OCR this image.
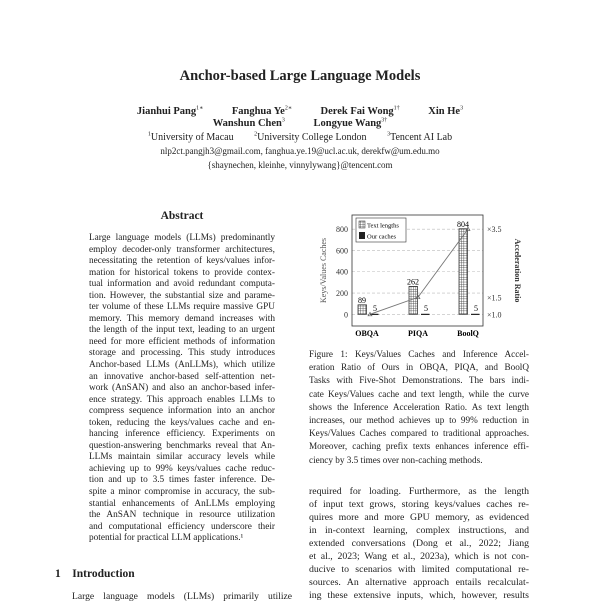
Anchor-based Large Language Models
Jianhui Pang$^{1∗}$	Fanghua $Ye^{2∗}$	Derek Fai Wong$^{1\dagger}$	Xin He$^3$
Wanshun Chen$^3$	Longyue Wang$^{3\dagger}$
$^1$University of Macau	$^2$University College London	$^3$Tencent AI Lab
nlp2ct.pangjh3@gmail.com, fanghua.ye.19@ucl.ac.uk, derekfw@um.edu.mo
{shaynechen, kleinhe, vinnylywang}@tencent.com
Abstract
Large language models (LLMs) predominantly
employ decoder-only transformer architectures,
necessitating the retention of keys/values infor-
mation for historical tokens to provide contex-
tual information and avoid redundant computa-
tion. However, the substantial size and parame-
ter volume of these LLMs require massive GPU
memory. This memory demand increases with
the length of the input text, leading to an urgent
need for more efficient methods of information
storage and processing. This study introduces
Anchor-based LLMs (AnLLMs), which utilize
an innovative anchor-based self-attention net-
work (AnSAN) and also an anchor-based infer-
ence strategy. This approach enables LLMs to
compress sequence information into an anchor
token, reducing the keys/values cache and en-
hancing inference efficiency. Experiments on
question-answering benchmarks reveal that An-
LLMs maintain similar accuracy levels while
achieving up to 99% keys/values cache reduc-
tion and up to 3.5 times faster inference. De-
spite a minor compromise in accuracy, the sub-
stantial enhancements of AnLLMs employing
the AnSAN technique in resource utilization
and computational efficiency underscore their
potential for practical LLM applications.¹
1 Introduction
Large language models (LLMs) primarily utilize
0
200
400
600
800
×1.0
×1.5
×3.5
89
5
OBQA
262
5
PIQA
804
5
BoolQ
Text lengths
Our caches
Keys/Values Caches	Acceleration Ratio
Figure 1: Keys/Values Caches and Inference Accel-
eration Ratio of Ours in OBQA, PIQA, and BoolQ
Tasks with Five-Shot Demonstrations. The bars indi-
cate Keys/Values cache and text length, while the curve
shows the Inference Acceleration Ratio. As text length
increases, our method achieves up to 99% reduction in
Keys/Values Caches compared to traditional approaches.
Moreover, caching prefix texts enhances inference effi-
ciency by 3.5 times over non-caching methods.
required for loading. Furthermore, as the length
of input text grows, storing keys/values caches re-
quires more and more GPU memory, as evidenced
in in-context learning, complex instructions, and
extended conversations (Dong et al., 2022; Jiang
et al., 2023; Wang et al., 2023a), which is not con-
ducive to scenarios with limited computational re-
sources. An alternative approach entails recalculat-
ing these extensive inputs, which, however, results
